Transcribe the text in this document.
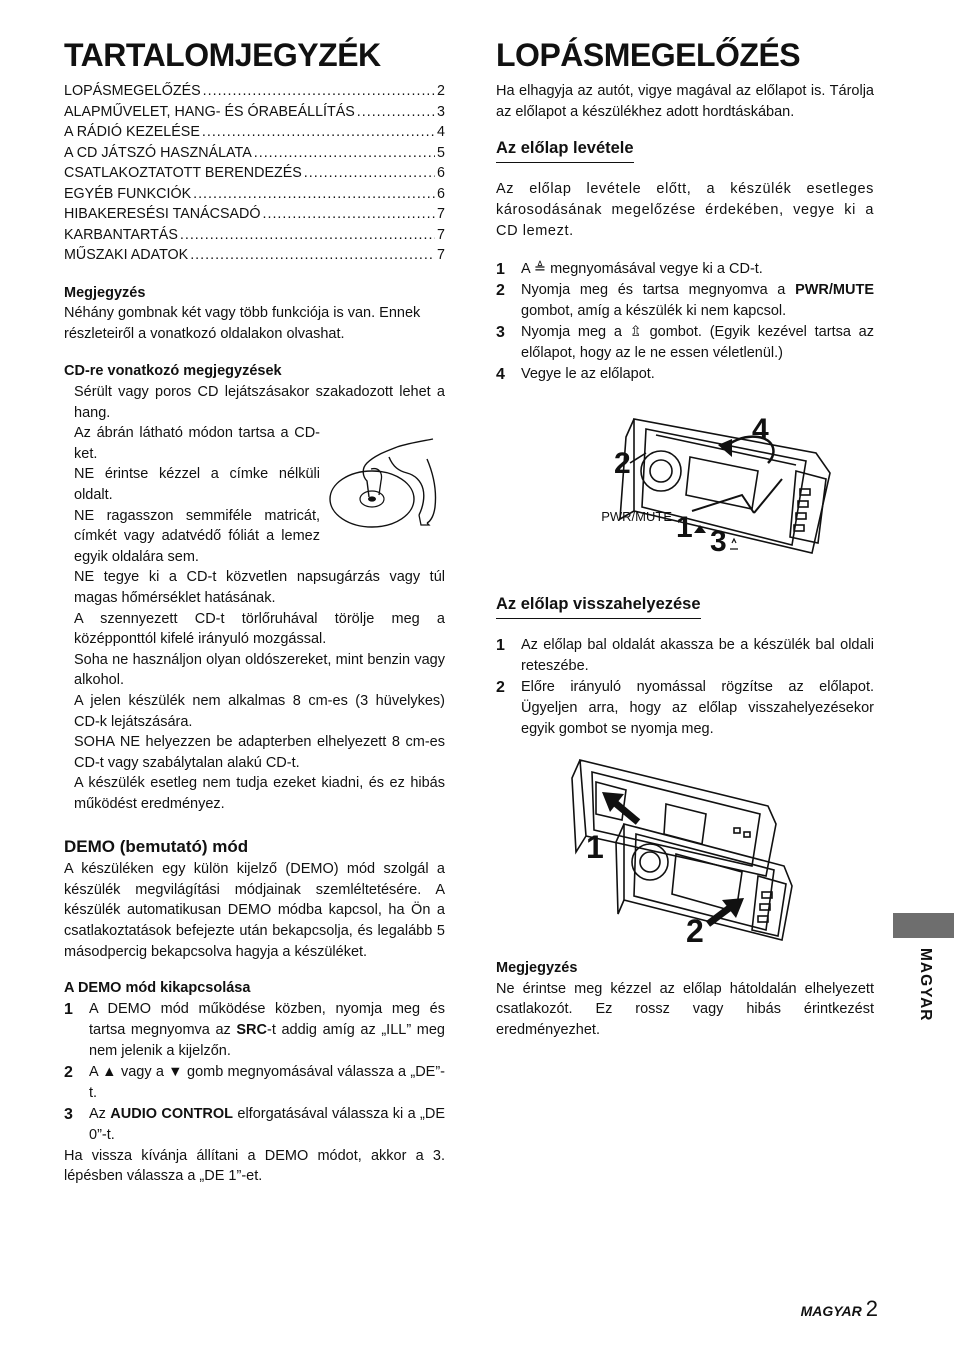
TARTALOMJEGYZÉK
LOPÁSMEGELŐZÉS .....	2
ALAPMŰVELET, HANG- ÉS ÓRABEÁLLÍTÁS .....	3
A RÁDIÓ KEZELÉSE .....	4
A CD JÁTSZÓ HASZNÁLATA .....	5
CSATLAKOZTATOTT BERENDEZÉS .....	6
EGYÉB FUNKCIÓK .....	6
HIBAKERESÉSI TANÁCSADÓ .....	7
KARBANTARTÁS .....	7
MŰSZAKI ADATOK .....	7

Megjegyzés

Néhány gombnak két vagy több funkciója is van. Ennek részleteiről a vonatkozó oldalakon olvashat.

CD-re vonatkozó megjegyzések

Sérült vagy poros CD lejátszásakor szakadozott lehet a hang.

Az ábrán látható módon tartsa a CD-ket.

NE érintse kézzel a címke nélküli oldalt.

NE ragasszon semmiféle matricát, címkét vagy adatvédő fóliát a lemez egyik oldalára sem.

NE tegye ki a CD-t közvetlen napsugárzás vagy túl magas hőmérséklet hatásának.

A szennyezett CD-t törlőruhával törölje meg a középponttól kifelé irányuló mozgással.

Soha ne használjon olyan oldószereket, mint benzin vagy alkohol.

A jelen készülék nem alkalmas 8 cm-es (3 hüvelykes) CD-k lejátszására.

SOHA NE helyezzen be adapterben elhelyezett 8 cm-es CD-t vagy szabálytalan alakú CD-t.

A készülék esetleg nem tudja ezeket kiadni, és ez hibás működést eredményez.

DEMO (bemutató) mód

A készüléken egy külön kijelző (DEMO) mód szolgál a készülék megvilágítási módjainak szemléltetésére. A készülék automatikusan DEMO módba kapcsol, ha Ön a csatlakoztatások befejezte után bekapcsolja, és legalább 5 másodpercig bekapcsolva hagyja a készüléket.

A DEMO mód kikapcsolása

1 A DEMO mód működése közben, nyomja meg és tartsa megnyomva az SRC-t addig amíg az „ILL” meg nem jelenik a kijelzőn.
2 A ▲ vagy a ▼ gomb megnyomásával válassza a „DE”-t.
3 Az AUDIO CONTROL elforgatásával válassza ki a „DE 0”-t.

Ha vissza kívánja állítani a DEMO módot, akkor a 3. lépésben válassza a „DE 1”-et.

LOPÁSMEGELŐZÉS

Ha elhagyja az autót, vigye magával az előlapot is. Tárolja az előlapot a készülékhez adott hordtáskában.

Az előlap levétele

Az előlap levétele előtt, a készülék esetleges károsodásának megelőzése érdekében, vegye ki a CD lemezt.

1 A ≜ megnyomásával vegye ki a CD-t.
2 Nyomja meg és tartsa megnyomva a PWR/MUTE gombot, amíg a készülék ki nem kapcsol.
3 Nyomja meg a ⇫ gombot. (Egyik kezével tartsa az előlapot, hogy az le ne essen véletlenül.)
4 Vegye le az előlapot.
PWR/MUTE
2
4
1 3
Az előlap visszahelyezése
1 Az előlap bal oldalát akassza be a készülék bal oldali reteszébe.
2 Előre irányuló nyomással rögzítse az előlapot. Ügyeljen arra, hogy az előlap visszahelyezésekor egyik gombot se nyomja meg.
1
2

Megjegyzés

Ne érintse meg kézzel az előlap hátoldalán elhelyezett csatlakozót. Ez rossz vagy hibás érintkezést eredményezhet.

MAGYAR
MAGYAR 2
